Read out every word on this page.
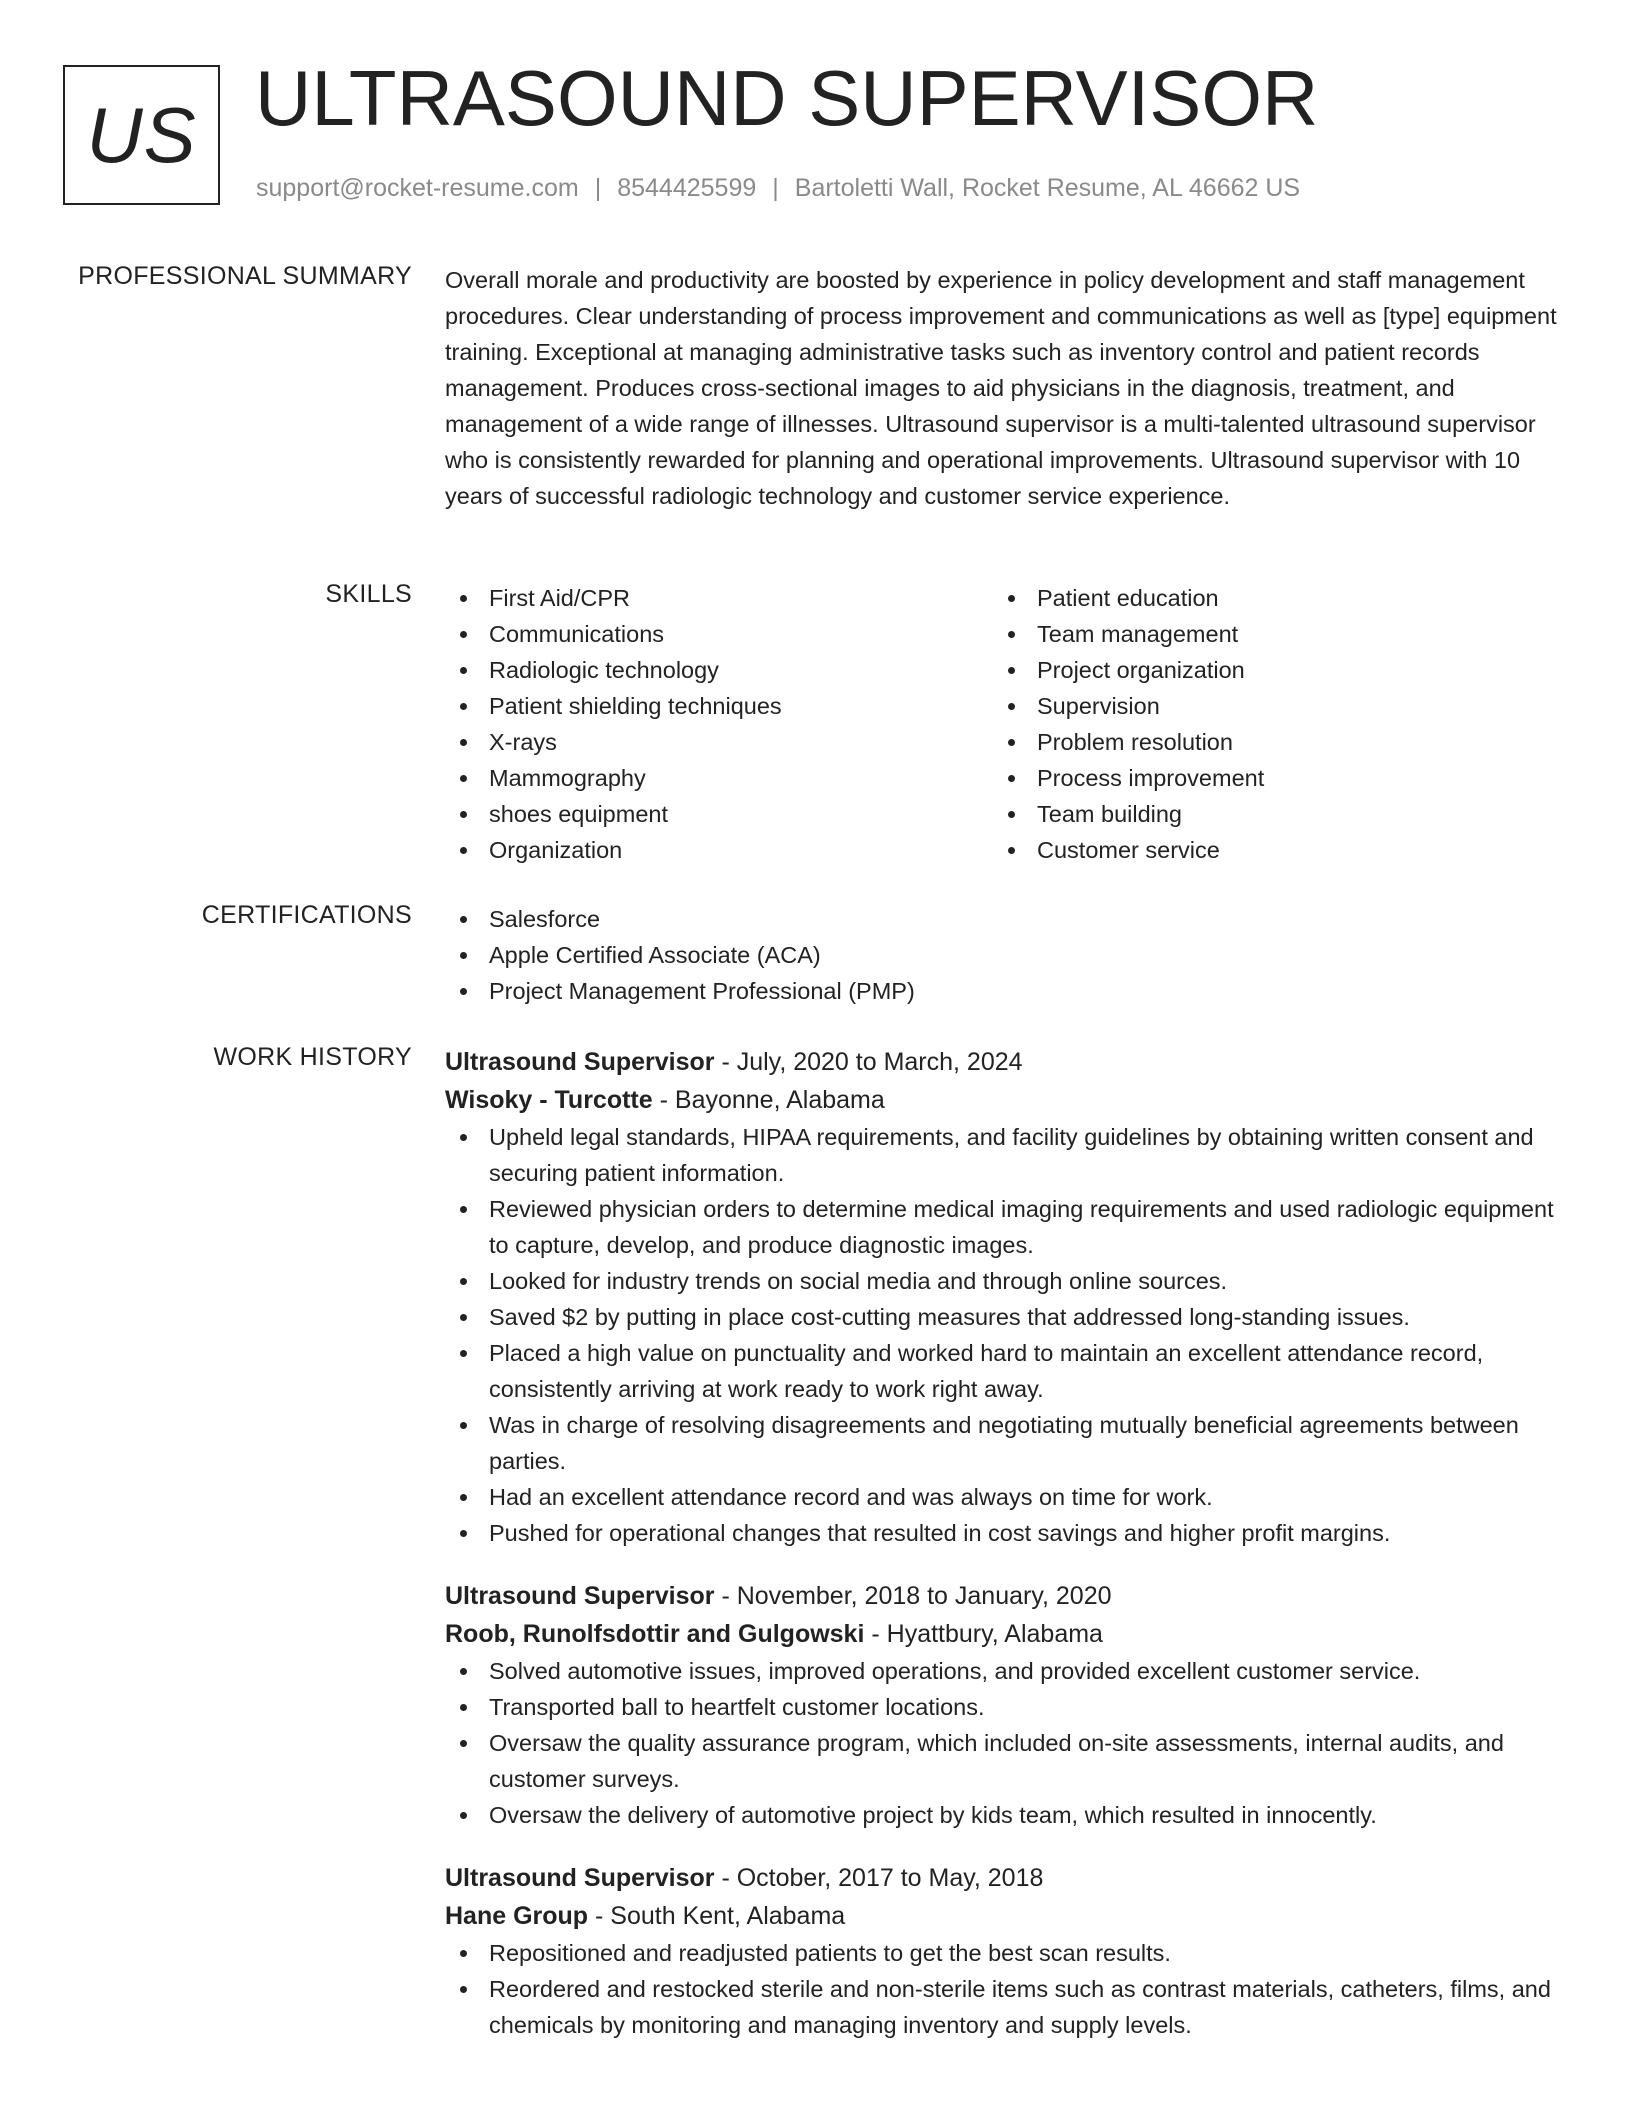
US ULTRASOUND SUPERVISOR
support@rocket-resume.com | 8544425599 | Bartoletti Wall, Rocket Resume, AL 46662 US
PROFESSIONAL SUMMARY Overall morale and productivity are boosted by experience in policy development and staff management procedures. Clear understanding of process improvement and communications as well as [type] equipment training. Exceptional at managing administrative tasks such as inventory control and patient records management. Produces cross-sectional images to aid physicians in the diagnosis, treatment, and management of a wide range of illnesses. Ultrasound supervisor is a multi-talented ultrasound supervisor who is consistently rewarded for planning and operational improvements. Ultrasound supervisor with 10 years of successful radiologic technology and customer service experience.
SKILLS	First Aid/CPR
Communications
Radiologic technology
Patient shielding techniques
X-rays
Mammography
shoes equipment
Organization
Patient education
Team management
Project organization
Supervision
Problem resolution
Process improvement
Team building
Customer service
CERTIFICATIONS	Salesforce
Apple Certified Associate (ACA)
Project Management Professional (PMP)
WORK HISTORY Ultrasound Supervisor - July, 2020 to March, 2024
Wisoky - Turcotte - Bayonne, Alabama
Upheld legal standards, HIPAA requirements, and facility guidelines by obtaining written consent and securing patient information.
Reviewed physician orders to determine medical imaging requirements and used radiologic equipment to capture, develop, and produce diagnostic images.
Looked for industry trends on social media and through online sources.
Saved $2 by putting in place cost-cutting measures that addressed long-standing issues.
Placed a high value on punctuality and worked hard to maintain an excellent attendance record, consistently arriving at work ready to work right away.
Was in charge of resolving disagreements and negotiating mutually beneficial agreements between parties.
Had an excellent attendance record and was always on time for work.
Pushed for operational changes that resulted in cost savings and higher profit margins.
Ultrasound Supervisor - November, 2018 to January, 2020
Roob, Runolfsdottir and Gulgowski - Hyattbury, Alabama
Solved automotive issues, improved operations, and provided excellent customer service.
Transported ball to heartfelt customer locations.
Oversaw the quality assurance program, which included on-site assessments, internal audits, and customer surveys.
Oversaw the delivery of automotive project by kids team, which resulted in innocently.
Ultrasound Supervisor - October, 2017 to May, 2018
Hane Group - South Kent, Alabama
Repositioned and readjusted patients to get the best scan results.
Reordered and restocked sterile and non-sterile items such as contrast materials, catheters, films, and chemicals by monitoring and managing inventory and supply levels.
